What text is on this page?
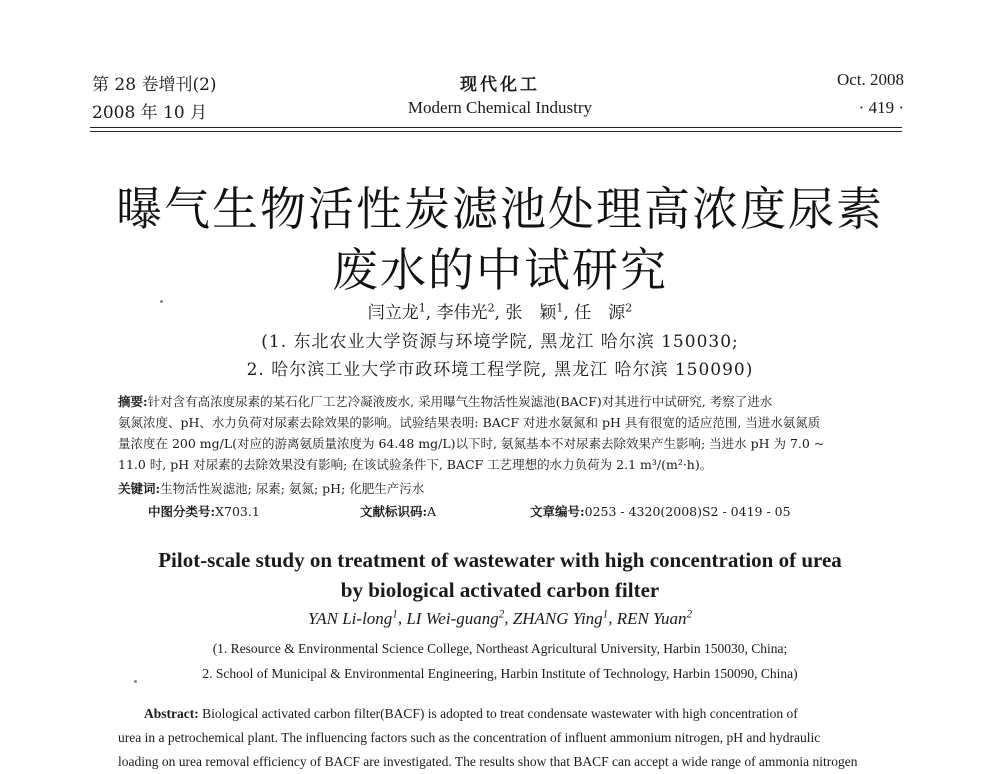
第 28 卷增刊(2)
2008 年 10 月
现代化工
Modern Chemical Industry
Oct. 2008
· 419 ·
曝气生物活性炭滤池处理高浓度尿素
废水的中试研究
闫立龙$^1$, 李伟光$^2$, 张　颖$^1$, 任　源$^2$
(1. 东北农业大学资源与环境学院, 黑龙江 哈尔滨 150030;
2. 哈尔滨工业大学市政环境工程学院, 黑龙江 哈尔滨 150090)
摘要:针对含有高浓度尿素的某石化厂工艺冷凝液废水, 采用曝气生物活性炭滤池(BACF)对其进行中试研究, 考察了进水
氨氮浓度、pH、水力负荷对尿素去除效果的影响。试验结果表明: BACF 对进水氨氮和 pH 具有很宽的适应范围, 当进水氨氮质
量浓度在 200 mg/L(对应的游离氨质量浓度为 64.48 mg/L)以下时, 氨氮基本不对尿素去除效果产生影响; 当进水 pH 为 7.0 ~
11.0 时, pH 对尿素的去除效果没有影响; 在该试验条件下, BACF 工艺理想的水力负荷为 2.1 m³/(m²·h)。
关键词:生物活性炭滤池; 尿素; 氨氮; pH; 化肥生产污水
中图分类号:X703.1	文献标识码:A	文章编号:0253 - 4320(2008)S2 - 0419 - 05
Pilot-scale study on treatment of wastewater with high concentration of urea
by biological activated carbon filter
YAN Li-long$^1$, LI Wei-guang$^2$, ZHANG Ying$^1$, REN Yuan$^2$
(1. Resource & Environmental Science College, Northeast Agricultural University, Harbin 150030, China;
2. School of Municipal & Environmental Engineering, Harbin Institute of Technology, Harbin 150090, China)
Abstract: Biological activated carbon filter(BACF) is adopted to treat condensate wastewater with high concentration of
urea in a petrochemical plant. The influencing factors such as the concentration of influent ammonium nitrogen, pH and hydraulic
loading on urea removal efficiency of BACF are investigated. The results show that BACF can accept a wide range of ammonia nitrogen
